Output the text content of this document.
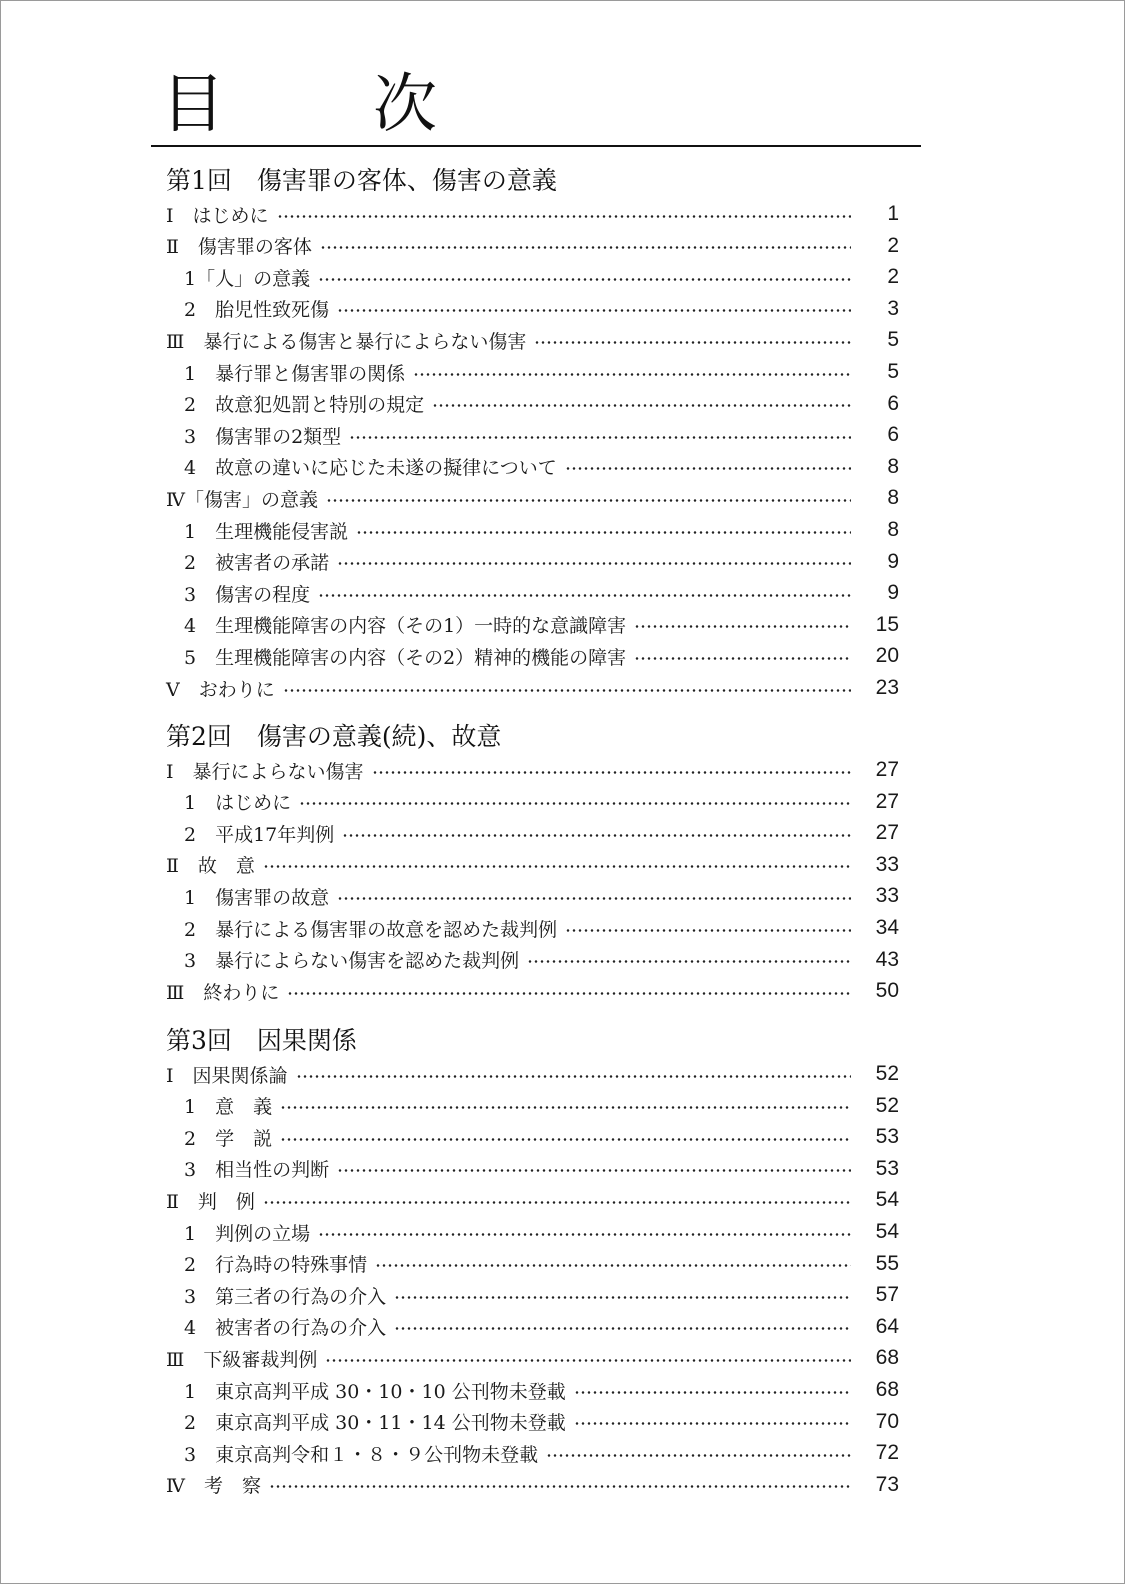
目　次
第1回　傷害罪の客体、傷害の意義
Ⅰ　はじめに	1
Ⅱ　傷害罪の客体	2
1「人」の意義	2
2　胎児性致死傷	3
Ⅲ　暴行による傷害と暴行によらない傷害	5
1　暴行罪と傷害罪の関係	5
2　故意犯処罰と特別の規定	6
3　傷害罪の2類型	6
4　故意の違いに応じた未遂の擬律について	8
Ⅳ「傷害」の意義	8
1　生理機能侵害説	8
2　被害者の承諾	9
3　傷害の程度	9
4　生理機能障害の内容（その1）一時的な意識障害	15
5　生理機能障害の内容（その2）精神的機能の障害	20
Ⅴ　おわりに	23
第2回　傷害の意義(続)、故意
Ⅰ　暴行によらない傷害	27
1　はじめに	27
2　平成17年判例	27
Ⅱ　故　意	33
1　傷害罪の故意	33
2　暴行による傷害罪の故意を認めた裁判例	34
3　暴行によらない傷害を認めた裁判例	43
Ⅲ　終わりに	50
第3回　因果関係
Ⅰ　因果関係論	52
1　意　義	52
2　学　説	53
3　相当性の判断	53
Ⅱ　判　例	54
1　判例の立場	54
2　行為時の特殊事情	55
3　第三者の行為の介入	57
4　被害者の行為の介入	64
Ⅲ　下級審裁判例	68
1　東京高判平成 30・10・10 公刊物未登載	68
2　東京高判平成 30・11・14 公刊物未登載	70
3　東京高判令和１・８・９公刊物未登載	72
Ⅳ　考　察	73
